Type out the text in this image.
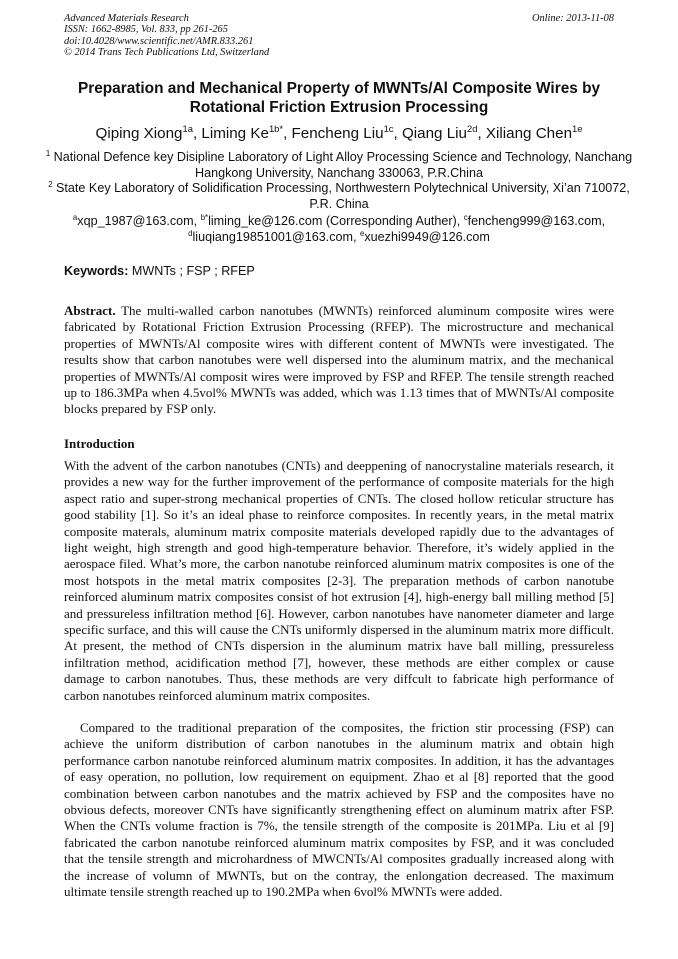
Advanced Materials Research
ISSN: 1662-8985, Vol. 833, pp 261-265
doi:10.4028/www.scientific.net/AMR.833.261
© 2014 Trans Tech Publications Ltd, Switzerland
Online: 2013-11-08
Preparation and Mechanical Property of MWNTs/Al Composite Wires by Rotational Friction Extrusion Processing
Qiping Xiong$^{1a}$, Liming $Ke^{1b*}$, Fencheng Liu$^{1c}$, Qiang Liu$^{2d}$, Xiliang Chen$^{1e}$
$^1$ National Defence key Disipline Laboratory of Light Alloy Processing Science and Technology, Nanchang Hangkong University, Nanchang 330063, P.R.China
$^2$ State Key Laboratory of Solidification Processing, Northwestern Polytechnical University, Xi’an 710072, P.R. China
$^a$xqp_1987@163.com, $^{b*}$liming_ke@126.com (Corresponding Auther), $^c$fencheng999@163.com,
$^d$liuqiang19851001@163.com, $^e$xuezhi9949@126.com
Keywords: MWNTs ; FSP ; RFEP
Abstract. The multi-walled carbon nanotubes (MWNTs) reinforced aluminum composite wires were fabricated by Rotational Friction Extrusion Processing (RFEP). The microstructure and mechanical properties of MWNTs/Al composite wires with different content of MWNTs were investigated. The results show that carbon nanotubes were well dispersed into the aluminum matrix, and the mechanical properties of MWNTs/Al composit wires were improved by FSP and RFEP. The tensile strength reached up to 186.3MPa when 4.5vol% MWNTs was added, which was 1.13 times that of MWNTs/Al composite blocks prepared by FSP only.
Introduction

With the advent of the carbon nanotubes (CNTs) and deeppening of nanocrystaline materials research, it provides a new way for the further improvement of the performance of composite materials for the high aspect ratio and super-strong mechanical properties of CNTs. The closed hollow reticular structure has good stability [1]. So it’s an ideal phase to reinforce composites. In recently years, in the metal matrix composite materals, aluminum matrix composite materials developed rapidly due to the advantages of light weight, high strength and good high-temperature behavior. Therefore, it’s widely applied in the aerospace filed. What’s more, the carbon nanotube reinforced aluminum matrix composites is one of the most hotspots in the metal matrix composites [2-3]. The preparation methods of carbon nanotube reinforced aluminum matrix composites consist of hot extrusion [4], high-energy ball milling method [5] and pressureless infiltration method [6]. However, carbon nanotubes have nanometer diameter and large specific surface, and this will cause the CNTs uniformly dispersed in the aluminum matrix more difficult. At present, the method of CNTs dispersion in the aluminum matrix have ball milling, pressureless infiltration method, acidification method [7], however, these methods are either complex or cause damage to carbon nanotubes. Thus, these methods are very diffcult to fabricate high performance of carbon nanotubes reinforced aluminum matrix composites.

Compared to the traditional preparation of the composites, the friction stir processing (FSP) can achieve the uniform distribution of carbon nanotubes in the aluminum matrix and obtain high performance carbon nanotube reinforced aluminum matrix composites. In addition, it has the advantages of easy operation, no pollution, low requirement on equipment. Zhao et al [8] reported that the good combination between carbon nanotubes and the matrix achieved by FSP and the composites have no obvious defects, moreover CNTs have significantly strengthening effect on aluminum matrix after FSP. When the CNTs volume fraction is 7%, the tensile strength of the composite is 201MPa. Liu et al [9] fabricated the carbon nanotube reinforced aluminum matrix composites by FSP, and it was concluded that the tensile strength and microhardness of MWCNTs/Al composites gradually increased along with the increase of volumn of MWNTs, but on the contray, the enlongation decreased. The maximum ultimate tensile strength reached up to 190.2MPa when 6vol% MWNTs were added.
